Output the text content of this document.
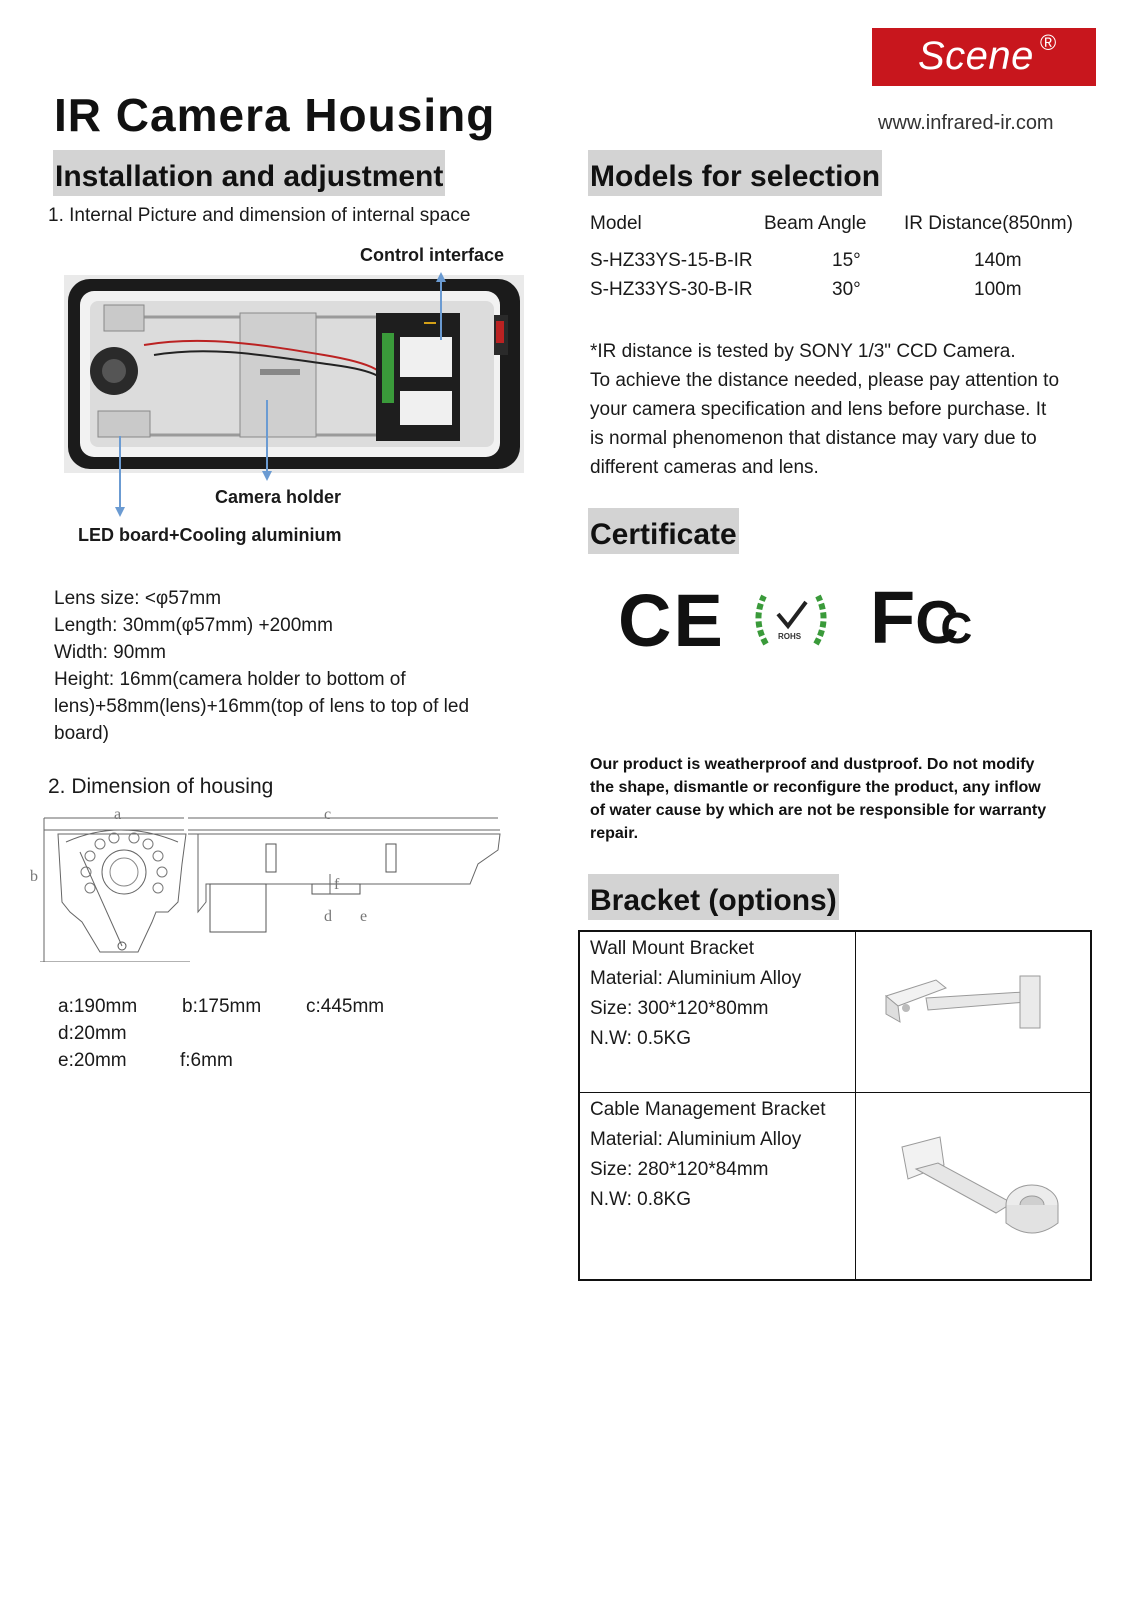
Scene ®
www.infrared-ir.com
IR Camera Housing
Installation and adjustment
1. Internal Picture and dimension of internal space
Control interface
Camera holder
LED board+Cooling aluminium
Lens size: <φ57mm
Length: 30mm(φ57mm) +200mm
Width: 90mm
Height: 16mm(camera holder to bottom of
lens)+58mm(lens)+16mm(top of lens to top of led
board)
2. Dimension of housing
a
b
c
d e
f
a:190mm b:175mm c:445mm
d:20mm
e:20mm	f:6mm
Models for selection
Model	Beam Angle IR Distance(850nm)
S-HZ33YS-15-B-IR	15°	140m
S-HZ33YS-30-B-IR	30°	100m
*IR distance is tested by SONY 1/3" CCD Camera.
To achieve the distance needed, please pay attention to
your camera specification and lens before purchase. It
is normal phenomenon that distance may vary due to
different cameras and lens.
Certificate
CE	ROHS FCC
Our product is weatherproof and dustproof. Do not modify
the shape, dismantle or reconfigure the product, any inflow
of water cause by which are not be responsible for warranty
repair.
Bracket (options)
Wall Mount Bracket
Material: Aluminium Alloy
Size: 300*120*80mm
N.W: 0.5KG
Cable Management Bracket
Material: Aluminium Alloy
Size: 280*120*84mm
N.W: 0.8KG
